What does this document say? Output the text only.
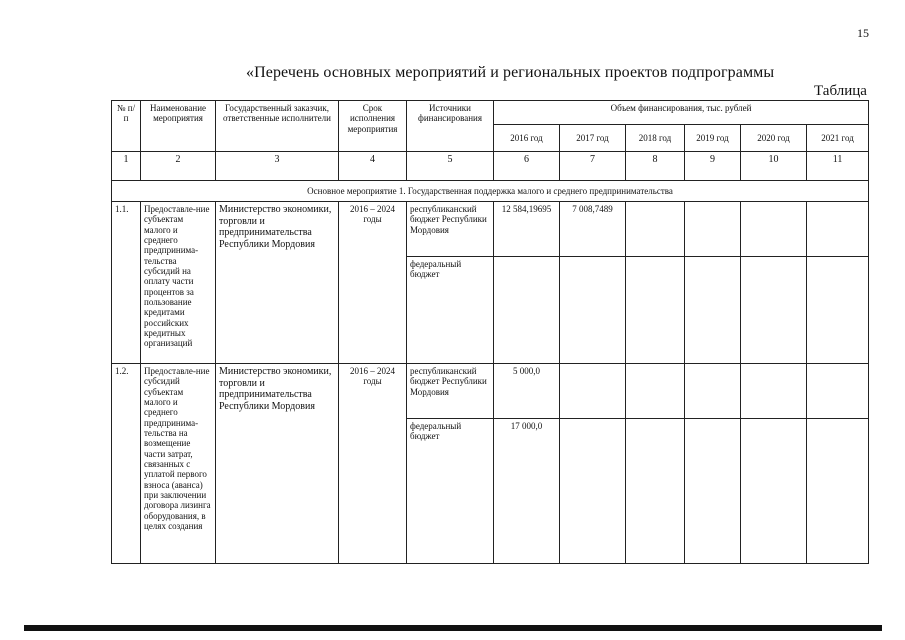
15
«Перечень основных мероприятий и региональных проектов подпрограммы
Таблица
№ п/п	Наименование мероприятия	Государственный заказчик, ответственные исполнители	Срок исполнения мероприятия	Источники финансирования	Объем финансирования, тыс. рублей					
					2016 год	2017 год	2018 год	2019 год	2020 год	2021 год
1	2	3	4	5	6	7	8	9	10	11
Основное мероприятие 1. Государственная поддержка малого и среднего предпринимательства										
1.1.	Предоставле-ние субъектам малого и среднего предпринима-тельства субсидий на оплату части процентов за пользование кредитами российских кредитных организаций	Министерство экономики, торговли и предпринимательства Республики Мордовия	2016 – 2024 годы	республиканский бюджет Республики Мордовия	12 584,19695	7 008,7489				
				федеральный бюджет						
1.2.	Предоставле-ние субсидий субъектам малого и среднего предпринима-тельства на возмещение части затрат, связанных с уплатой первого взноса (аванса) при заключении договора лизинга оборудования, в целях создания	Министерство экономики, торговли и предпринимательства Республики Мордовия	2016 – 2024 годы	республиканский бюджет Республики Мордовия	5 000,0					
				федеральный бюджет	17 000,0					
